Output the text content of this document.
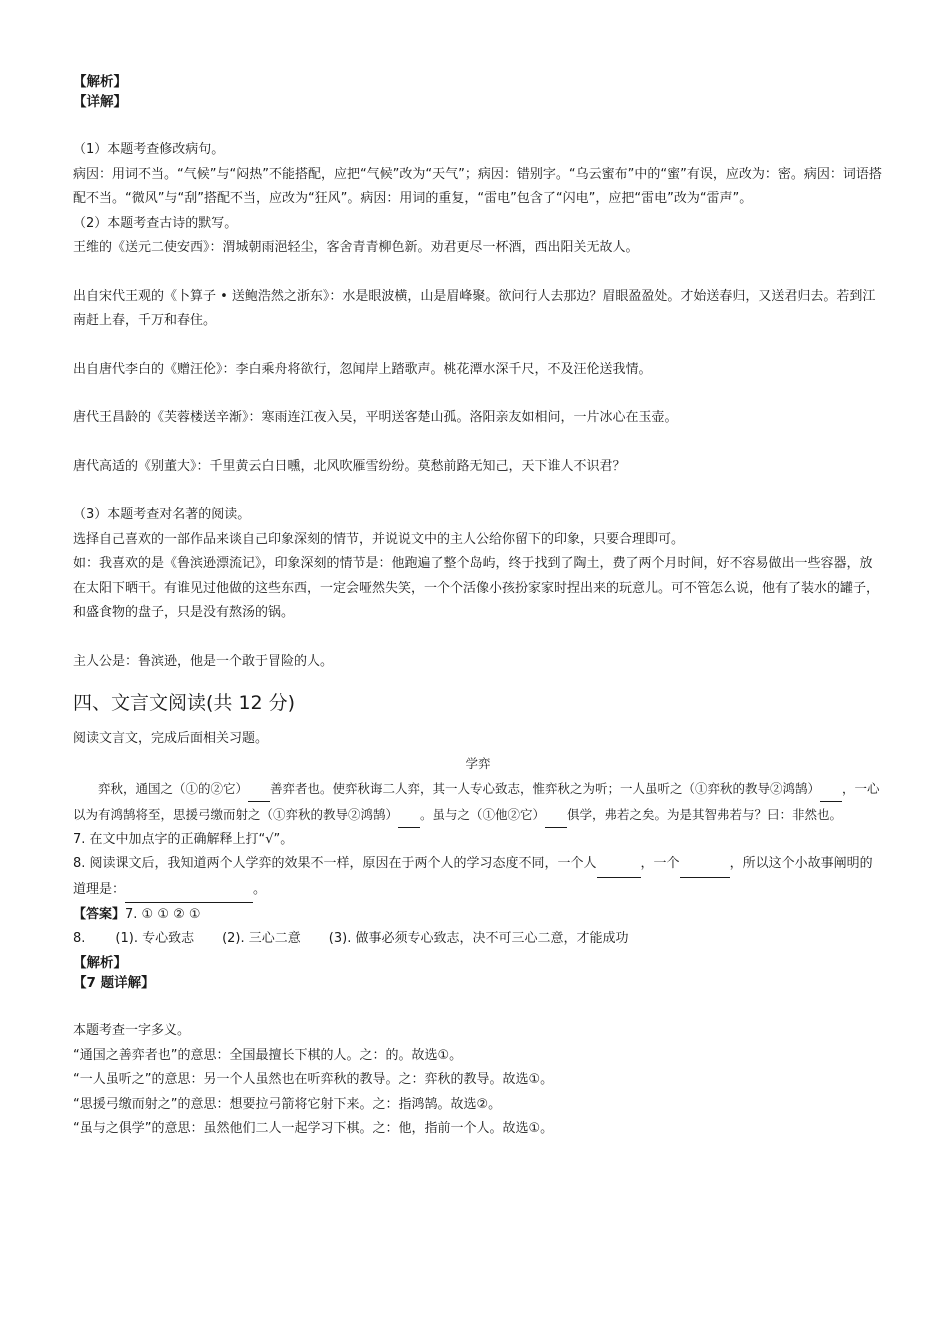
【解析】
【详解】

（1）本题考查修改病句。

病因：用词不当。“气候”与“闷热”不能搭配，应把“气候”改为“天气”；病因：错别字。“乌云蜜布”中的“蜜”有误，应改为：密。病因：词语搭配不当。“微风”与“刮”搭配不当，应改为“狂风”。病因：用词的重复，“雷电”包含了“闪电”，应把“雷电”改为“雷声”。

（2）本题考查古诗的默写。

王维的《送元二使安西》：渭城朝雨浥轻尘，客舍青青柳色新。劝君更尽一杯酒，西出阳关无故人。

出自宋代王观的《卜算子 • 送鲍浩然之浙东》：水是眼波横，山是眉峰聚。欲问行人去那边？眉眼盈盈处。才始送春归，又送君归去。若到江南赶上春，千万和春住。

出自唐代李白的《赠汪伦》：李白乘舟将欲行，忽闻岸上踏歌声。桃花潭水深千尺，不及汪伦送我情。

唐代王昌龄的《芙蓉楼送辛渐》：寒雨连江夜入吴，平明送客楚山孤。洛阳亲友如相问，一片冰心在玉壶。

唐代高适的《别董大》：千里黄云白日曛，北风吹雁雪纷纷。莫愁前路无知己，天下谁人不识君？

（3）本题考查对名著的阅读。

选择自己喜欢的一部作品来谈自己印象深刻的情节，并说说文中的主人公给你留下的印象，只要合理即可。

如：我喜欢的是《鲁滨逊漂流记》，印象深刻的情节是：他跑遍了整个岛屿，终于找到了陶土，费了两个月时间，好不容易做出一些容器，放在太阳下晒干。有谁见过他做的这些东西，一定会哑然失笑，一个个活像小孩扮家家时捏出来的玩意儿。可不管怎么说，他有了装水的罐子，和盛食物的盘子，只是没有熬汤的锅。

主人公是：鲁滨逊，他是一个敢于冒险的人。

四、文言文阅读(共 12 分)

阅读文言文，完成后面相关习题。

学弈

弈秋，通国之（①的②它） 善弈者也。使弈秋诲二人弈，其一人专心致志，惟弈秋之为听；一人虽听之（①弈秋的教导②鸿鹄） ，一心以为有鸿鹄将至，思援弓缴而射之（①弈秋的教导②鸿鹄） 。虽与之（①他②它） 俱学，弗若之矣。为是其智弗若与？曰：非然也。

7. 在文中加点字的正确解释上打“√”。

8. 阅读课文后，我知道两个人学弈的效果不一样，原因在于两个人的学习态度不同，一个人	，一个	，所以这个小故事阐明的道理是：	。

【答案】7. ① ① ② ①

8. (1). 专心致志 (2). 三心二意 (3). 做事必须专心致志，决不可三心二意，才能成功

【解析】
【7 题详解】

本题考查一字多义。

“通国之善弈者也”的意思：全国最擅长下棋的人。之：的。故选①。

“一人虽听之”的意思：另一个人虽然也在听弈秋的教导。之：弈秋的教导。故选①。

“思援弓缴而射之”的意思：想要拉弓箭将它射下来。之：指鸿鹄。故选②。

“虽与之俱学”的意思：虽然他们二人一起学习下棋。之：他，指前一个人。故选①。
